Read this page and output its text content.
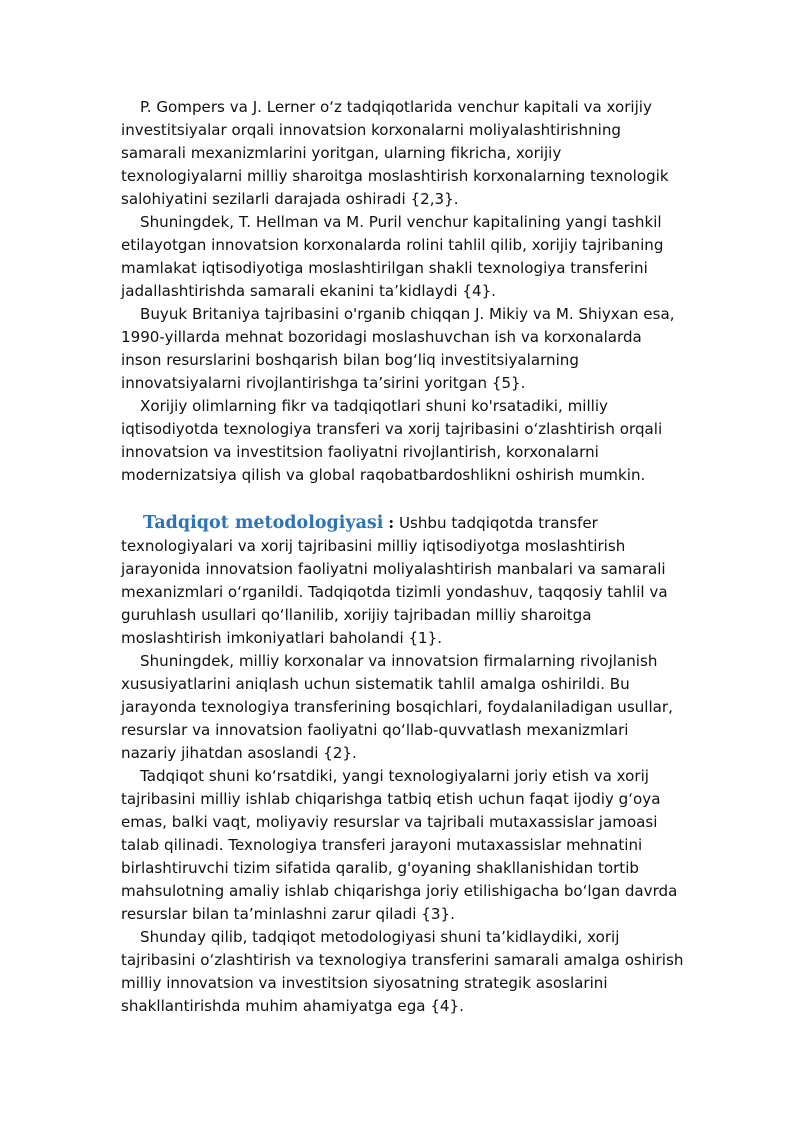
P. Gompers va J. Lerner o‘z tadqiqotlarida venchur kapitali va xorijiy investitsiyalar orqali innovatsion korxonalarni moliyalashtirishning samarali mexanizmlarini yoritgan, ularning fikricha, xorijiy texnologiyalarni milliy sharoitga moslashtirish korxonalarning texnologik salohiyatini sezilarli darajada oshiradi {2,3}.

Shuningdek, T. Hellman va M. Puril venchur kapitalining yangi tashkil etilayotgan innovatsion korxonalarda rolini tahlil qilib, xorijiy tajribaning mamlakat iqtisodiyotiga moslashtirilgan shakli texnologiya transferini jadallashtirishda samarali ekanini ta’kidlaydi {4}.

Buyuk Britaniya tajribasini o'rganib chiqqan J. Mikiy va M. Shiyxan esa, 1990-yillarda mehnat bozoridagi moslashuvchan ish va korxonalarda inson resurslarini boshqarish bilan bog‘liq investitsiyalarning innovatsiyalarni rivojlantirishga ta’sirini yoritgan {5}.

Xorijiy olimlarning fikr va tadqiqotlari shuni ko'rsatadiki, milliy iqtisodiyotda texnologiya transferi va xorij tajribasini o‘zlashtirish orqali innovatsion va investitsion faoliyatni rivojlantirish, korxonalarni modernizatsiya qilish va global raqobatbardoshlikni oshirish mumkin.

Tadqiqot metodologiyasi : Ushbu tadqiqotda transfer texnologiyalari va xorij tajribasini milliy iqtisodiyotga moslashtirish jarayonida innovatsion faoliyatni moliyalashtirish manbalari va samarali mexanizmlari o‘rganildi. Tadqiqotda tizimli yondashuv, taqqosiy tahlil va guruhlash usullari qo‘llanilib, xorijiy tajribadan milliy sharoitga moslashtirish imkoniyatlari baholandi {1}.

Shuningdek, milliy korxonalar va innovatsion firmalarning rivojlanish xususiyatlarini aniqlash uchun sistematik tahlil amalga oshirildi. Bu jarayonda texnologiya transferining bosqichlari, foydalaniladigan usullar, resurslar va innovatsion faoliyatni qo‘llab-quvvatlash mexanizmlari nazariy jihatdan asoslandi {2}.

Tadqiqot shuni ko‘rsatdiki, yangi texnologiyalarni joriy etish va xorij tajribasini milliy ishlab chiqarishga tatbiq etish uchun faqat ijodiy g‘oya emas, balki vaqt, moliyaviy resurslar va tajribali mutaxassislar jamoasi talab qilinadi. Texnologiya transferi jarayoni mutaxassislar mehnatini birlashtiruvchi tizim sifatida qaralib, g'oyaning shakllanishidan tortib mahsulotning amaliy ishlab chiqarishga joriy etilishigacha bo‘lgan davrda resurslar bilan ta’minlashni zarur qiladi {3}.

Shunday qilib, tadqiqot metodologiyasi shuni ta’kidlaydiki, xorij tajribasini o‘zlashtirish va texnologiya transferini samarali amalga oshirish milliy innovatsion va investitsion siyosatning strategik asoslarini shakllantirishda muhim ahamiyatga ega {4}.
